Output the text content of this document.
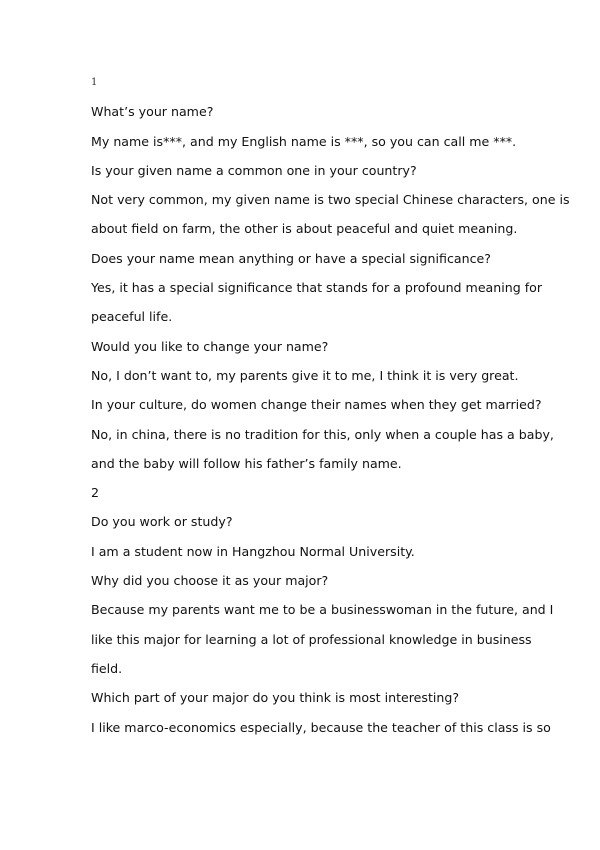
1
What’s your name?
My name is***, and my English name is ***, so you can call me ***.
Is your given name a common one in your country?
Not very common, my given name is two special Chinese characters, one is
about field on farm, the other is about peaceful and quiet meaning.
Does your name mean anything or have a special significance?
Yes, it has a special significance that stands for a profound meaning for
peaceful life.
Would you like to change your name?
No, I don’t want to, my parents give it to me, I think it is very great.
In your culture, do women change their names when they get married?
No, in china, there is no tradition for this, only when a couple has a baby,
and the baby will follow his father’s family name.
2
Do you work or study?
I am a student now in Hangzhou Normal University.
Why did you choose it as your major?
Because my parents want me to be a businesswoman in the future, and I
like this major for learning a lot of professional knowledge in business
field.
Which part of your major do you think is most interesting?
I like marco-economics especially, because the teacher of this class is so
